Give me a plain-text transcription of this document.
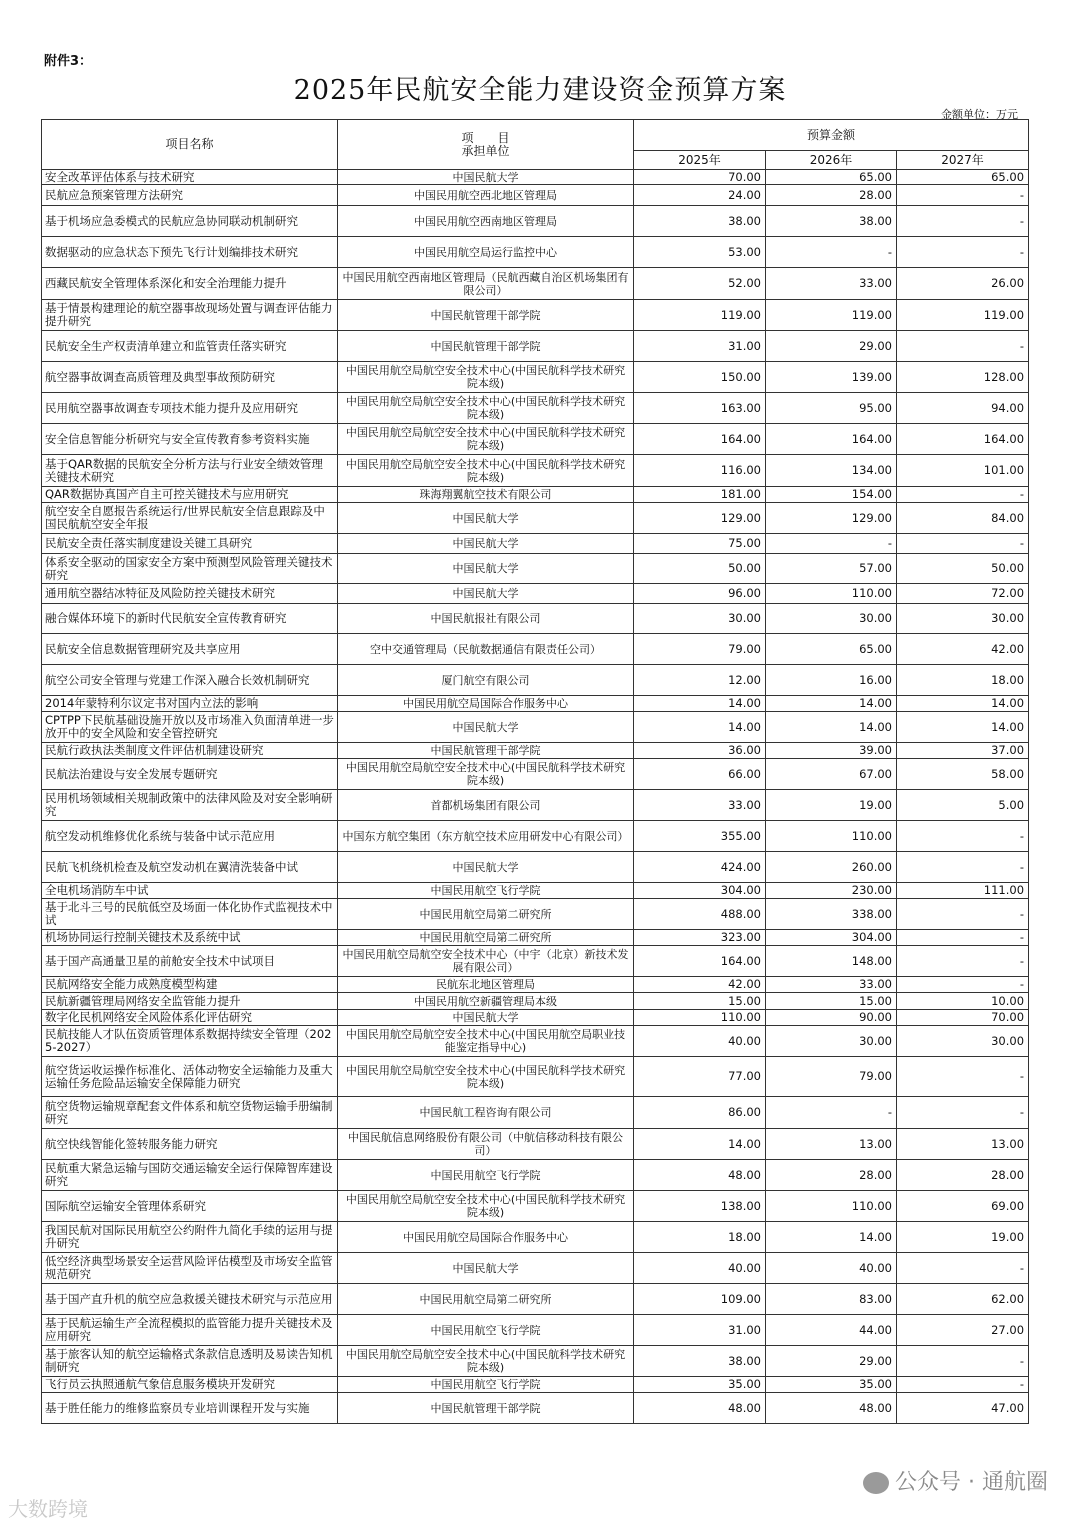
附件3：
2025年民航安全能力建设资金预算方案
金额单位：万元
项目名称	项　　目
承担单位	预算金额		
		2025年	2026年	2027年
安全改革评估体系与技术研究	中国民航大学	70.00	65.00	65.00
民航应急预案管理方法研究	中国民用航空西北地区管理局	24.00	28.00	-
基于机场应急委模式的民航应急协同联动机制研究	中国民用航空西南地区管理局	38.00	38.00	-
数据驱动的应急状态下预先飞行计划编排技术研究	中国民用航空局运行监控中心	53.00	-	-
西藏民航安全管理体系深化和安全治理能力提升	中国民用航空西南地区管理局（民航西藏自治区机场集团有限公司）	52.00	33.00	26.00
基于情景构建理论的航空器事故现场处置与调查评估能力提升研究	中国民航管理干部学院	119.00	119.00	119.00
民航安全生产权责清单建立和监管责任落实研究	中国民航管理干部学院	31.00	29.00	-
航空器事故调查高质管理及典型事故预防研究	中国民用航空局航空安全技术中心(中国民航科学技术研究院本级)	150.00	139.00	128.00
民用航空器事故调查专项技术能力提升及应用研究	中国民用航空局航空安全技术中心(中国民航科学技术研究院本级)	163.00	95.00	94.00
安全信息智能分析研究与安全宣传教育参考资料实施	中国民用航空局航空安全技术中心(中国民航科学技术研究院本级)	164.00	164.00	164.00
基于QAR数据的民航安全分析方法与行业安全绩效管理关键技术研究	中国民用航空局航空安全技术中心(中国民航科学技术研究院本级)	116.00	134.00	101.00
QAR数据协真国产自主可控关键技术与应用研究	珠海翔翼航空技术有限公司	181.00	154.00	-
航空安全自愿报告系统运行/世界民航安全信息跟踪及中国民航航空安全年报	中国民航大学	129.00	129.00	84.00
民航安全责任落实制度建设关键工具研究	中国民航大学	75.00	-	-
体系安全驱动的国家安全方案中预测型风险管理关键技术研究	中国民航大学	50.00	57.00	50.00
通用航空器结冰特征及风险防控关键技术研究	中国民航大学	96.00	110.00	72.00
融合媒体环境下的新时代民航安全宣传教育研究	中国民航报社有限公司	30.00	30.00	30.00
民航安全信息数据管理研究及共享应用	空中交通管理局（民航数据通信有限责任公司）	79.00	65.00	42.00
航空公司安全管理与党建工作深入融合长效机制研究	厦门航空有限公司	12.00	16.00	18.00
2014年蒙特利尔议定书对国内立法的影响	中国民用航空局国际合作服务中心	14.00	14.00	14.00
CPTPP下民航基础设施开放以及市场准入负面清单进一步放开中的安全风险和安全管控研究	中国民航大学	14.00	14.00	14.00
民航行政执法类制度文件评估机制建设研究	中国民航管理干部学院	36.00	39.00	37.00
民航法治建设与安全发展专题研究	中国民用航空局航空安全技术中心(中国民航科学技术研究院本级)	66.00	67.00	58.00
民用机场领域相关规制政策中的法律风险及对安全影响研究	首都机场集团有限公司	33.00	19.00	5.00
航空发动机维修优化系统与装备中试示范应用	中国东方航空集团（东方航空技术应用研发中心有限公司）	355.00	110.00	-
民航飞机绕机检查及航空发动机在翼清洗装备中试	中国民航大学	424.00	260.00	-
全电机场消防车中试	中国民用航空飞行学院	304.00	230.00	111.00
基于北斗三号的民航低空及场面一体化协作式监视技术中试	中国民用航空局第二研究所	488.00	338.00	-
机场协同运行控制关键技术及系统中试	中国民用航空局第二研究所	323.00	304.00	-
基于国产高通量卫星的前舱安全技术中试项目	中国民用航空局航空安全技术中心（中宇（北京）新技术发展有限公司）	164.00	148.00	-
民航网络安全能力成熟度模型构建	民航东北地区管理局	42.00	33.00	-
民航新疆管理局网络安全监管能力提升	中国民用航空新疆管理局本级	15.00	15.00	10.00
数字化民机网络安全风险体系化评估研究	中国民航大学	110.00	90.00	70.00
民航技能人才队伍资质管理体系数据持续安全管理（2025-2027）	中国民用航空局航空安全技术中心(中国民用航空局职业技能鉴定指导中心)	40.00	30.00	30.00
航空货运收运操作标准化、活体动物安全运输能力及重大运输任务危险品运输安全保障能力研究	中国民用航空局航空安全技术中心(中国民航科学技术研究院本级)	77.00	79.00	-
航空货物运输规章配套文件体系和航空货物运输手册编制研究	中国民航工程咨询有限公司	86.00	-	-
航空快线智能化签转服务能力研究	中国民航信息网络股份有限公司（中航信移动科技有限公司）	14.00	13.00	13.00
民航重大紧急运输与国防交通运输安全运行保障智库建设研究	中国民用航空飞行学院	48.00	28.00	28.00
国际航空运输安全管理体系研究	中国民用航空局航空安全技术中心(中国民航科学技术研究院本级)	138.00	110.00	69.00
我国民航对国际民用航空公约附件九简化手续的运用与提升研究	中国民用航空局国际合作服务中心	18.00	14.00	19.00
低空经济典型场景安全运营风险评估模型及市场安全监管规范研究	中国民航大学	40.00	40.00	-
基于国产直升机的航空应急救援关键技术研究与示范应用	中国民用航空局第二研究所	109.00	83.00	62.00
基于民航运输生产全流程模拟的监管能力提升关键技术及应用研究	中国民用航空飞行学院	31.00	44.00	27.00
基于旅客认知的航空运输格式条款信息透明及易读告知机制研究	中国民用航空局航空安全技术中心(中国民航科学技术研究院本级)	38.00	29.00	-
飞行员云执照通航气象信息服务模块开发研究	中国民用航空飞行学院	35.00	35.00	-
基于胜任能力的维修监察员专业培训课程开发与实施	中国民航管理干部学院	48.00	48.00	47.00
大数跨境
公众号 · 通航圈
